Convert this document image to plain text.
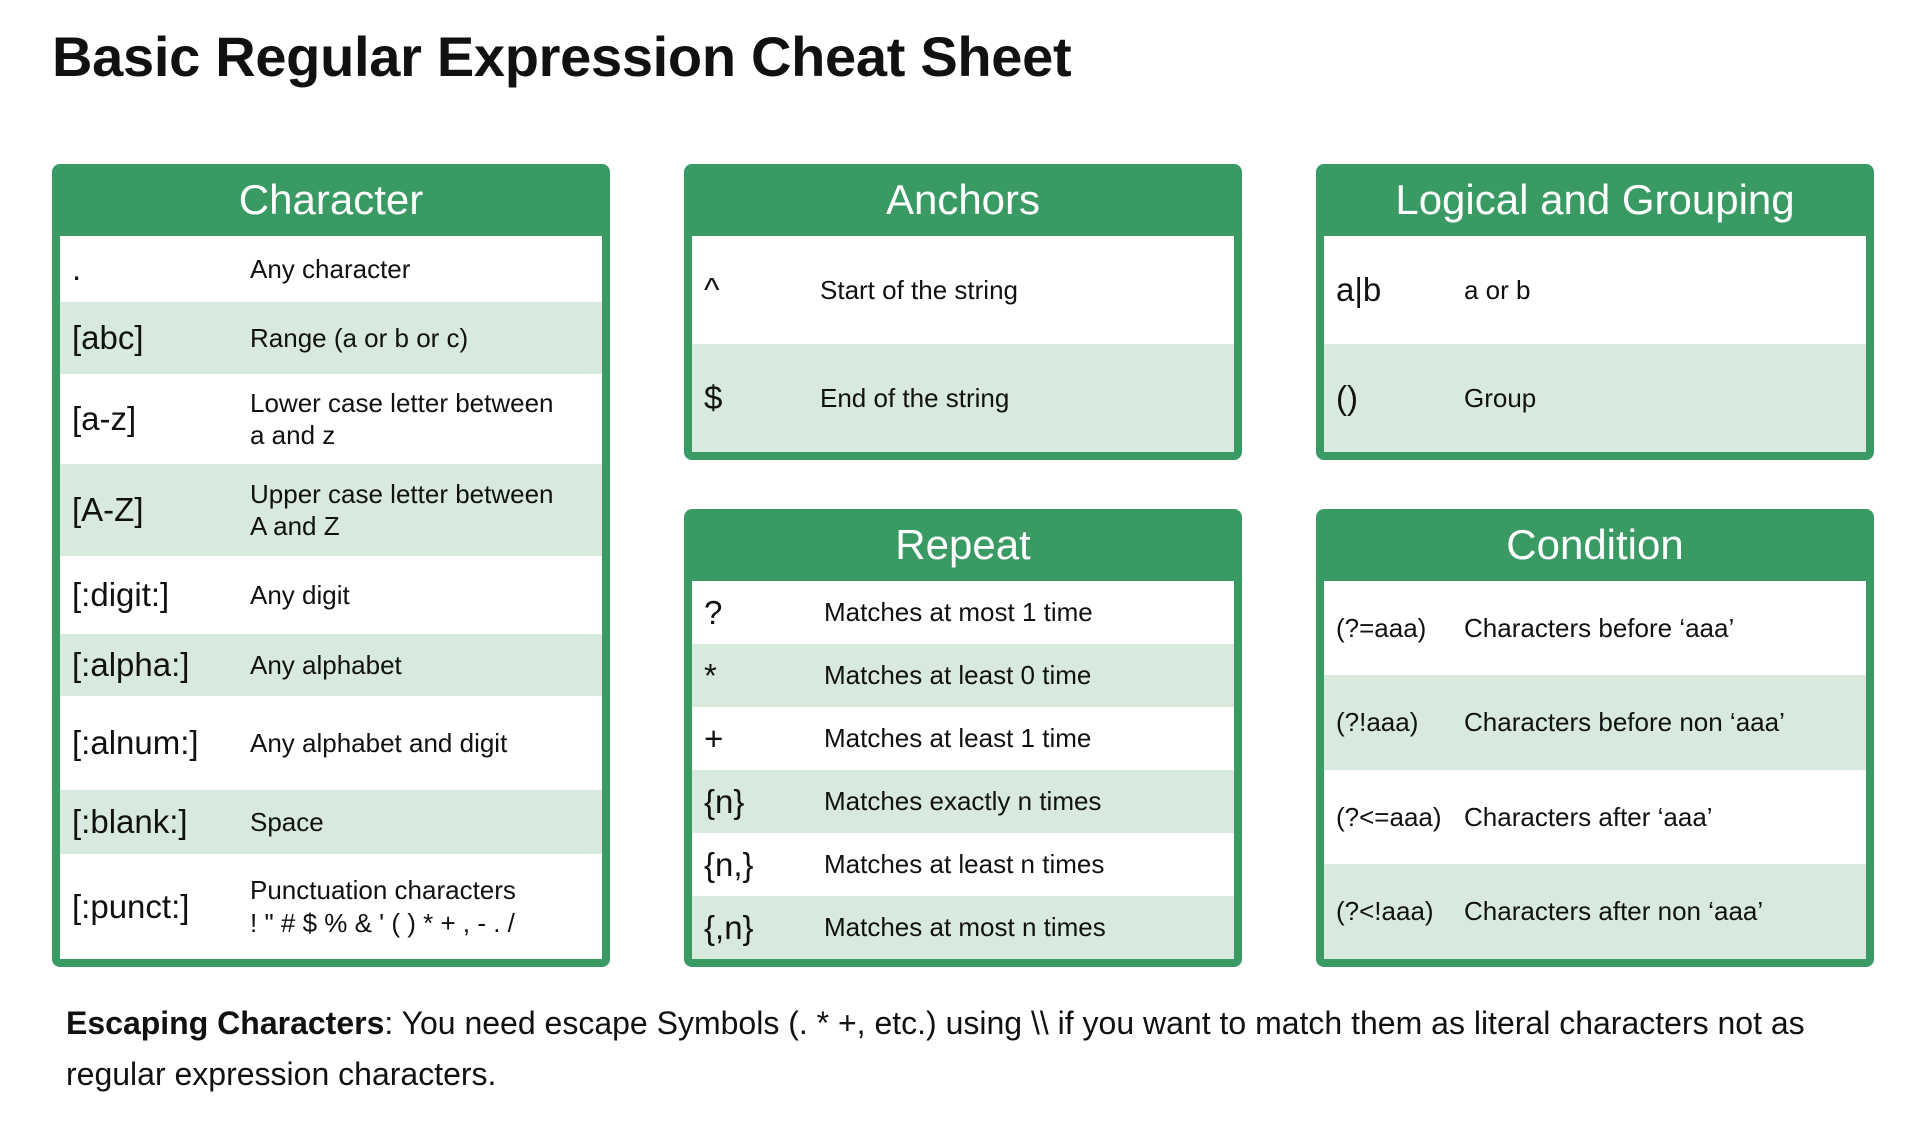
Basic Regular Expression Cheat Sheet
Character
.	Any character
[abc]	Range (a or b or c)
[a-z]	Lower case letter between
a and z
[A-Z]	Upper case letter between
A and Z
[:digit:]	Any digit
[:alpha:]	Any alphabet
[:alnum:]	Any alphabet and digit
[:blank:]	Space
[:punct:]	Punctuation characters
! " # $ % & ' ( ) * + , - . /
Anchors
^	Start of the string
$	End of the string
Logical and Grouping
a|b	a or b
()	Group
Repeat
?	Matches at most 1 time
*	Matches at least 0 time
+	Matches at least 1 time
{n}	Matches exactly n times
{n,}	Matches at least n times
{,n}	Matches at most n times
Condition
(?=aaa)	Characters before ‘aaa’
(?!aaa)	Characters before non ‘aaa’
(?<=aaa) Characters after ‘aaa’
(?<!aaa)	Characters after non ‘aaa’

Escaping Characters: You need escape Symbols (. * +, etc.) using \\ if you want to match them as literal characters not as regular expression characters.
